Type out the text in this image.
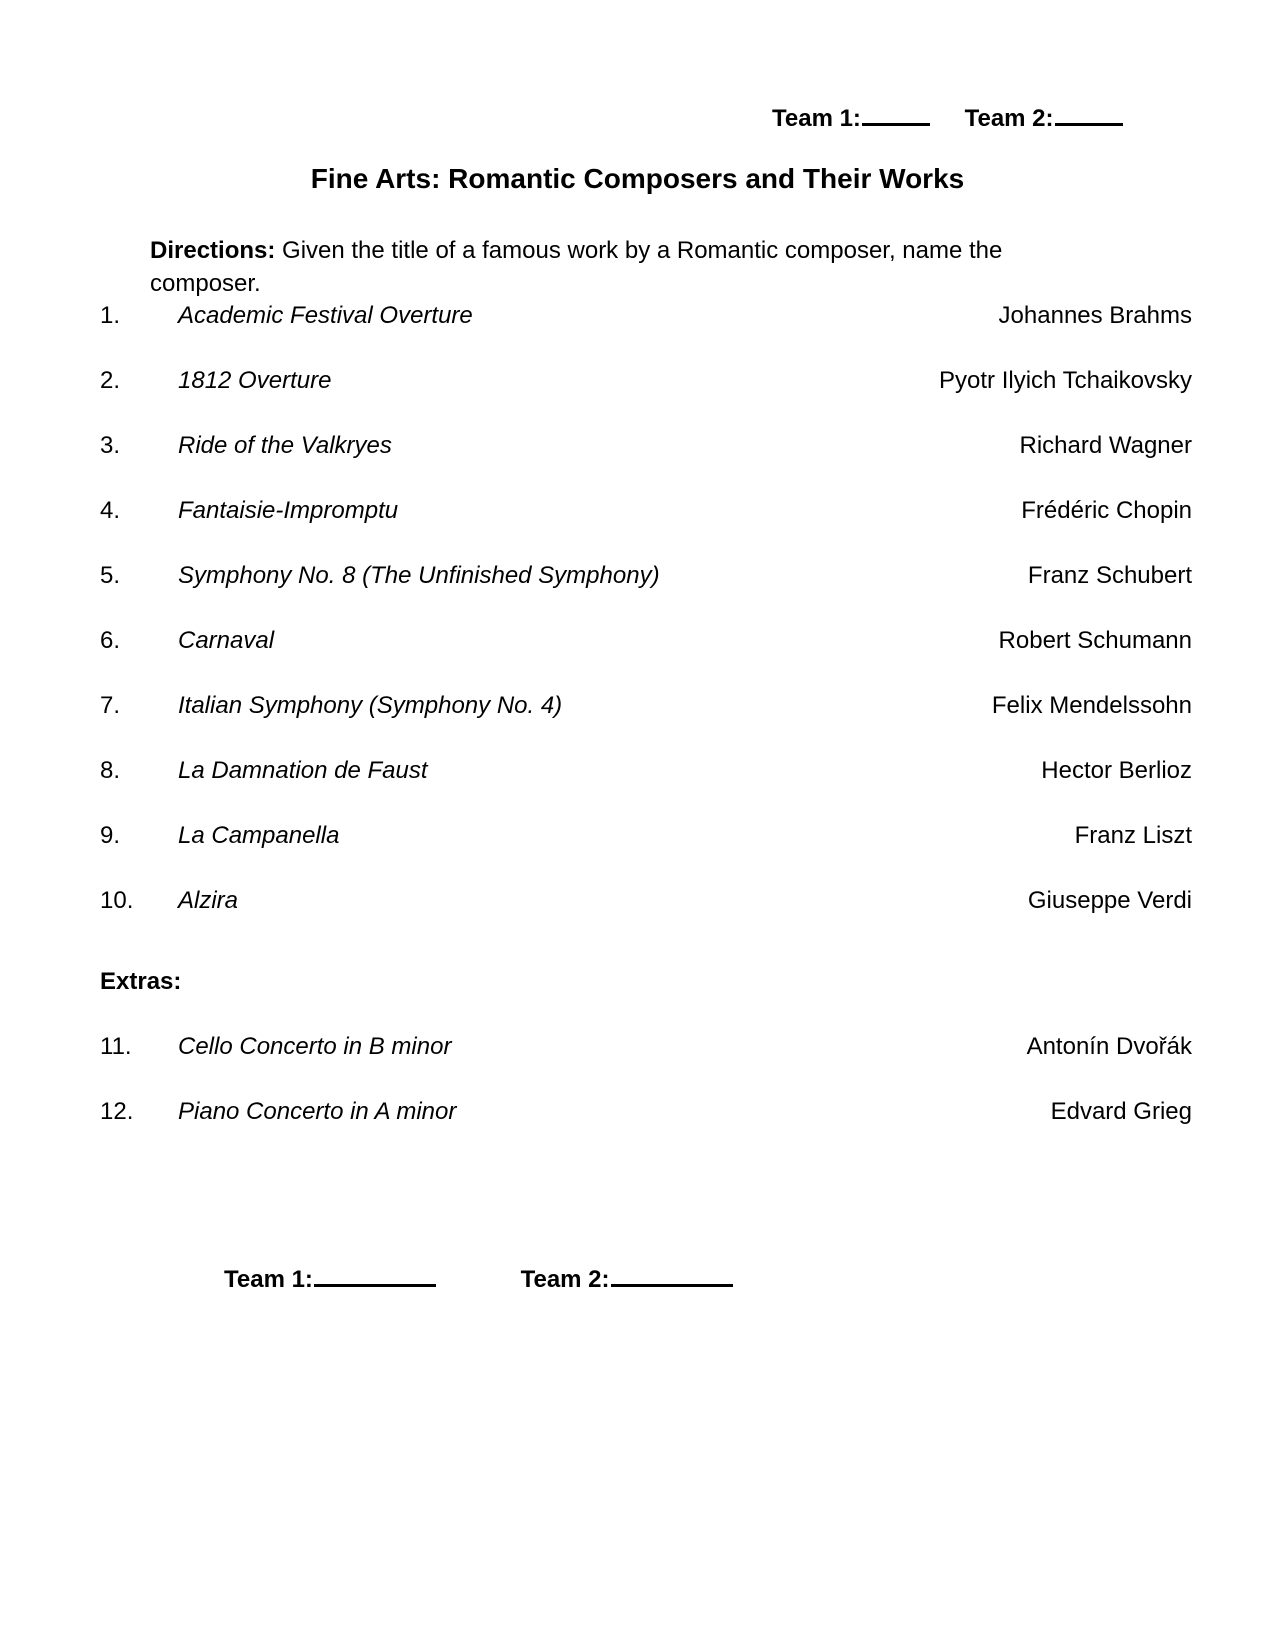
Team 1:	Team 2:
Fine Arts: Romantic Composers and Their Works
Directions: Given the title of a famous work by a Romantic composer, name the composer.
1. Academic Festival Overture	Johannes Brahms
2. 1812 Overture	Pyotr Ilyich Tchaikovsky
3. Ride of the Valkryes	Richard Wagner
4. Fantaisie-Impromptu	Frédéric Chopin
5. Symphony No. 8 (The Unfinished Symphony)	Franz Schubert
6. Carnaval	Robert Schumann
7. Italian Symphony (Symphony No. 4)	Felix Mendelssohn
8. La Damnation de Faust	Hector Berlioz
9. La Campanella	Franz Liszt
10. Alzira	Giuseppe Verdi
Extras:
11. Cello Concerto in B minor	Antonín Dvořák
12. Piano Concerto in A minor	Edvard Grieg
Team 1:	Team 2:
